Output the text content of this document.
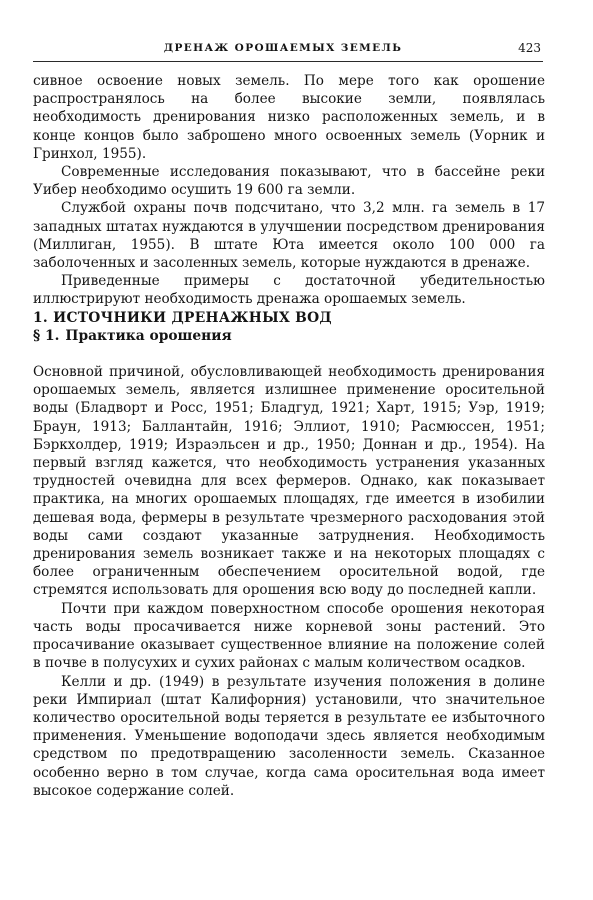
ДРЕНАЖ ОРОШАЕМЫХ ЗЕМЕЛЬ	423

сивное освоение новых земель. По мере того как орошение распространялось на более высокие земли, появлялась необходимость дренирования низко расположенных земель, и в конце концов было заброшено много освоенных земель (Уорник и Гринхол, 1955).

Современные исследования показывают, что в бассейне реки Уибер необходимо осушить 19 600 га земли.

Службой охраны почв подсчитано, что 3,2 млн. га земель в 17 западных штатах нуждаются в улучшении посредством дренирования (Миллиган, 1955). В штате Юта имеется около 100 000 га заболоченных и засоленных земель, которые нуждаются в дренаже.

Приведенные примеры с достаточной убедительностью иллюстрируют необходимость дренажа орошаемых земель.

1. ИСТОЧНИКИ ДРЕНАЖНЫХ ВОД
§ 1. Практика орошения

Основной причиной, обусловливающей необходимость дренирования орошаемых земель, является излишнее применение оросительной воды (Бладворт и Росс, 1951; Бладгуд, 1921; Харт, 1915; Уэр, 1919; Браун, 1913; Баллантайн, 1916; Эллиот, 1910; Расмюссен, 1951; Бэркхолдер, 1919; Израэльсен и др., 1950; Доннан и др., 1954). На первый взгляд кажется, что необходимость устранения указанных трудностей очевидна для всех фермеров. Однако, как показывает практика, на многих орошаемых площадях, где имеется в изобилии дешевая вода, фермеры в результате чрезмерного расходования этой воды сами создают указанные затруднения. Необходимость дренирования земель возникает также и на некоторых площадях с более ограниченным обеспечением оросительной водой, где стремятся использовать для орошения всю воду до последней капли.

Почти при каждом поверхностном способе орошения некоторая часть воды просачивается ниже корневой зоны растений. Это просачивание оказывает существенное влияние на положение солей в почве в полусухих и сухих районах с малым количеством осадков.

Келли и др. (1949) в результате изучения положения в долине реки Импириал (штат Калифорния) установили, что значительное количество оросительной воды теряется в результате ее избыточного применения. Уменьшение водоподачи здесь является необходимым средством по предотвращению засоленности земель. Сказанное особенно верно в том случае, когда сама оросительная вода имеет высокое содержание солей.
